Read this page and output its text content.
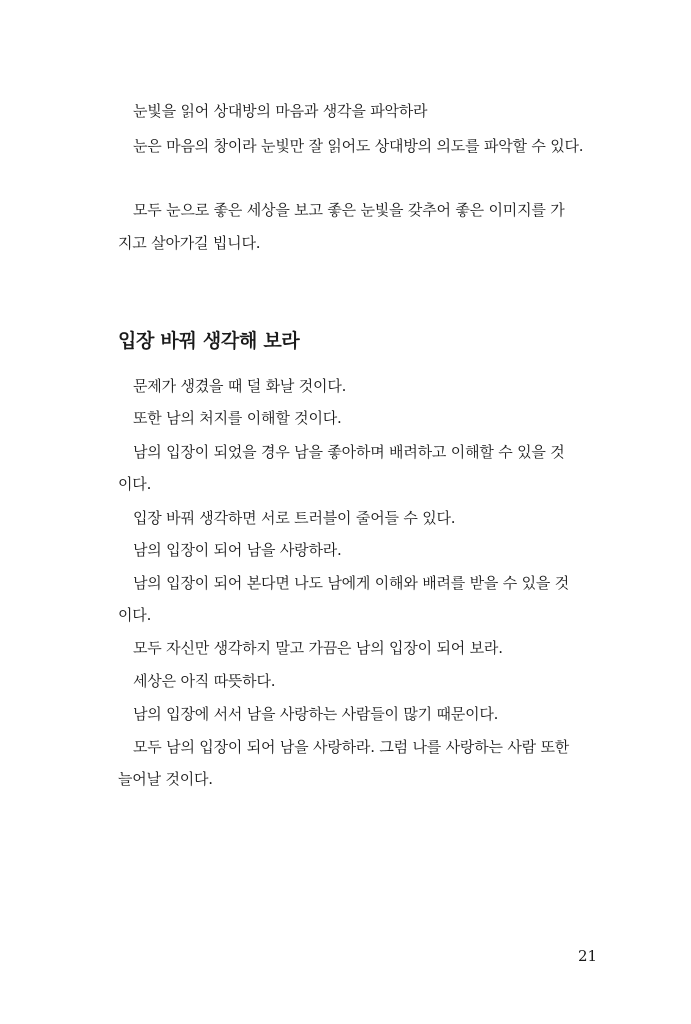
눈빛을 읽어 상대방의 마음과 생각을 파악하라

눈은 마음의 창이라 눈빛만 잘 읽어도 상대방의 의도를 파악할 수 있다.

모두 눈으로 좋은 세상을 보고 좋은 눈빛을 갖추어 좋은 이미지를 가

지고 살아가길 빕니다.

입장 바꿔 생각해 보라

문제가 생겼을 때 덜 화날 것이다.

또한 남의 처지를 이해할 것이다.

남의 입장이 되었을 경우 남을 좋아하며 배려하고 이해할 수 있을 것

이다.

입장 바꿔 생각하면 서로 트러블이 줄어들 수 있다.

남의 입장이 되어 남을 사랑하라.

남의 입장이 되어 본다면 나도 남에게 이해와 배려를 받을 수 있을 것

이다.

모두 자신만 생각하지 말고 가끔은 남의 입장이 되어 보라.

세상은 아직 따뜻하다.

남의 입장에 서서 남을 사랑하는 사람들이 많기 때문이다.

모두 남의 입장이 되어 남을 사랑하라. 그럼 나를 사랑하는 사람 또한

늘어날 것이다.

21
